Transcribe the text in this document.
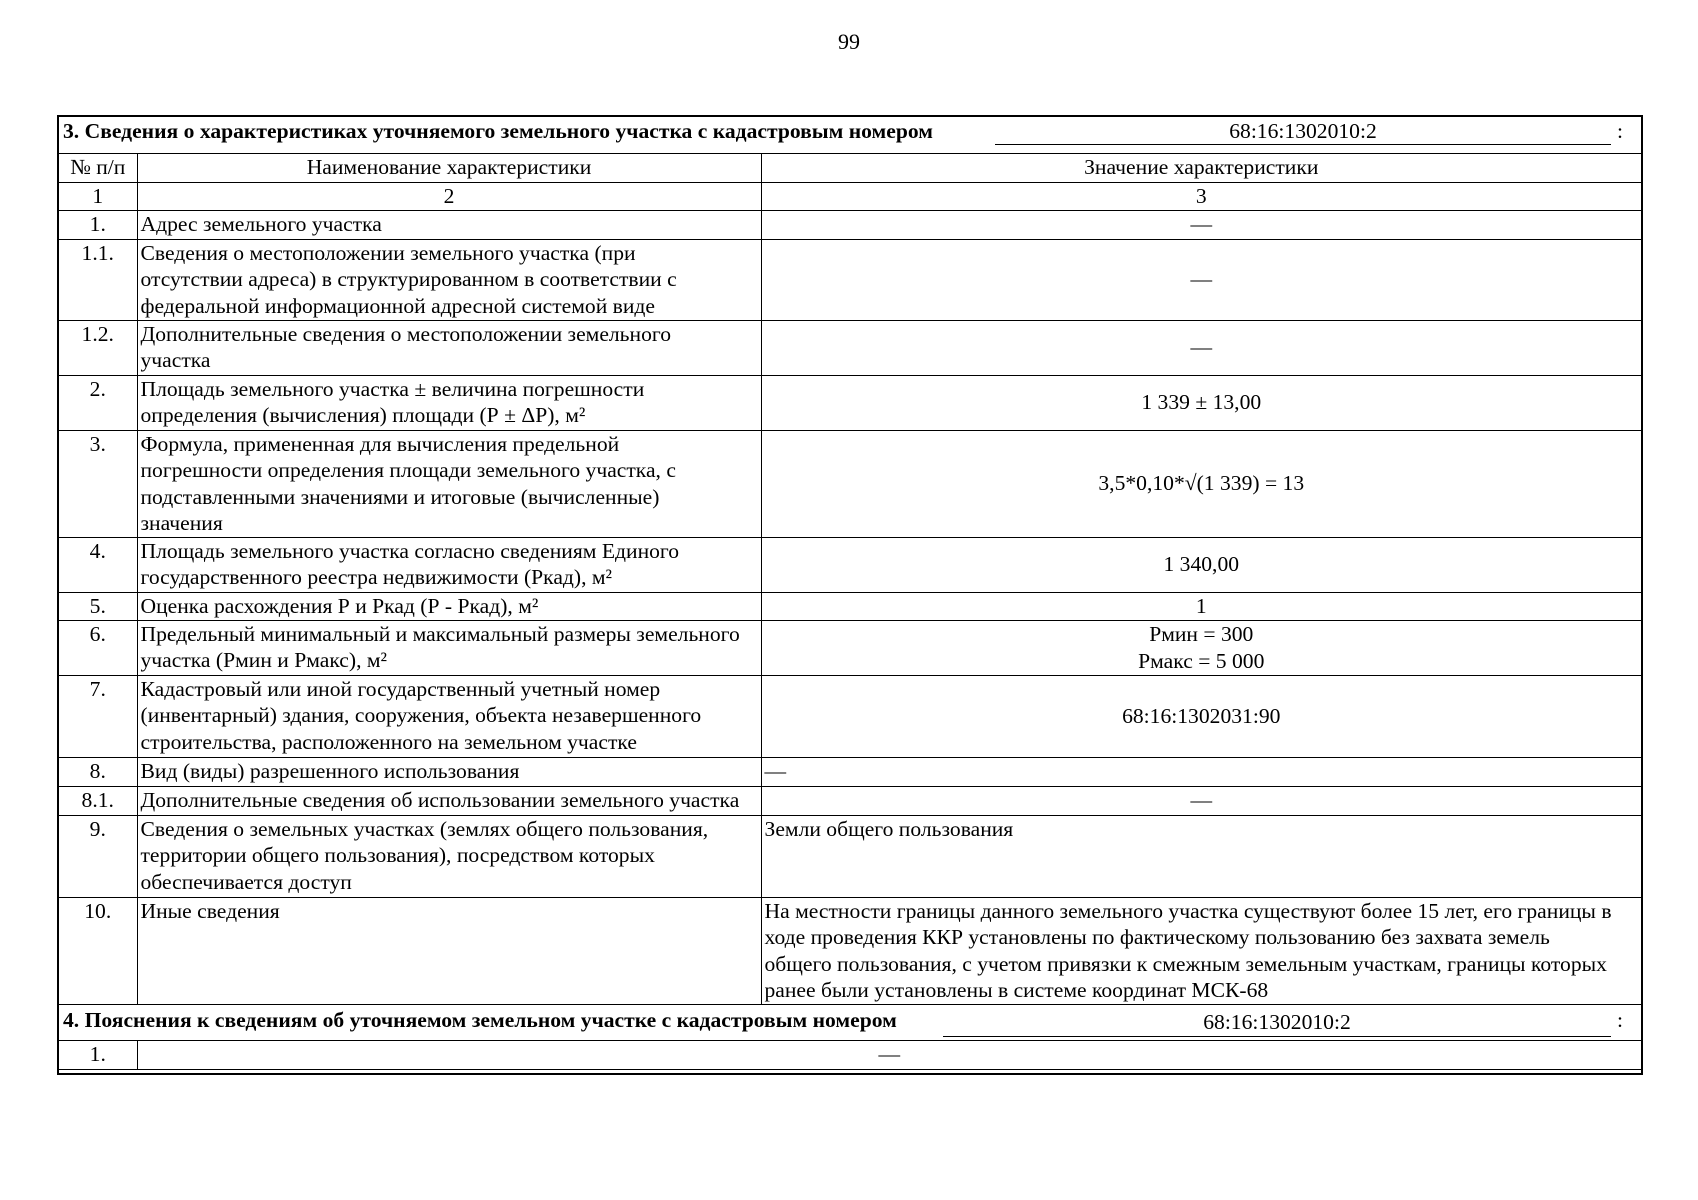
99
3. Сведения о характеристиках уточняемого земельного участка с кадастровым номером 68:16:1302010:2 :		

№ п/п	Наименование характеристики	Значение характеристики
1	2	3
1.	Адрес земельного участка	—
1.1.	Сведения о местоположении земельного участка (при
отсутствии адреса) в структурированном в соответствии с
федеральной информационной адресной системой виде	—
1.2.	Дополнительные сведения о местоположении земельного
участка	—
2.	Площадь земельного участка ± величина погрешности
определения (вычисления) площади (Р ± ΔР), м²	1 339 ± 13,00
3.	Формула, примененная для вычисления предельной
погрешности определения площади земельного участка, с
подставленными значениями и итоговые (вычисленные)
значения	3,5*0,10*√(1 339) = 13
4.	Площадь земельного участка согласно сведениям Единого
государственного реестра недвижимости (Ркад), м²	1 340,00
5.	Оценка расхождения Р и Ркад (Р - Ркад), м²	1
6.	Предельный минимальный и максимальный размеры земельного
участка (Рмин и Рмакс), м²	Рмин = 300
Рмакс = 5 000
7.	Кадастровый или иной государственный учетный номер
(инвентарный) здания, сооружения, объекта незавершенного
строительства, расположенного на земельном участке	68:16:1302031:90
8.	Вид (виды) разрешенного использования	—
8.1.	Дополнительные сведения об использовании земельного участка	—
9.	Сведения о земельных участках (землях общего пользования,
территории общего пользования), посредством которых
обеспечивается доступ	Земли общего пользования
10.	Иные сведения	На местности границы данного земельного участка существуют более 15 лет, его границы в
ходе проведения ККР установлены по фактическому пользованию без захвата земель
общего пользования, с учетом привязки к смежным земельным участкам, границы которых
ранее были установлены в системе координат МСК-68

4. Пояснения к сведениям об уточняемом земельном участке с кадастровым номером 68:16:1302010:2 :		

1.	—	
